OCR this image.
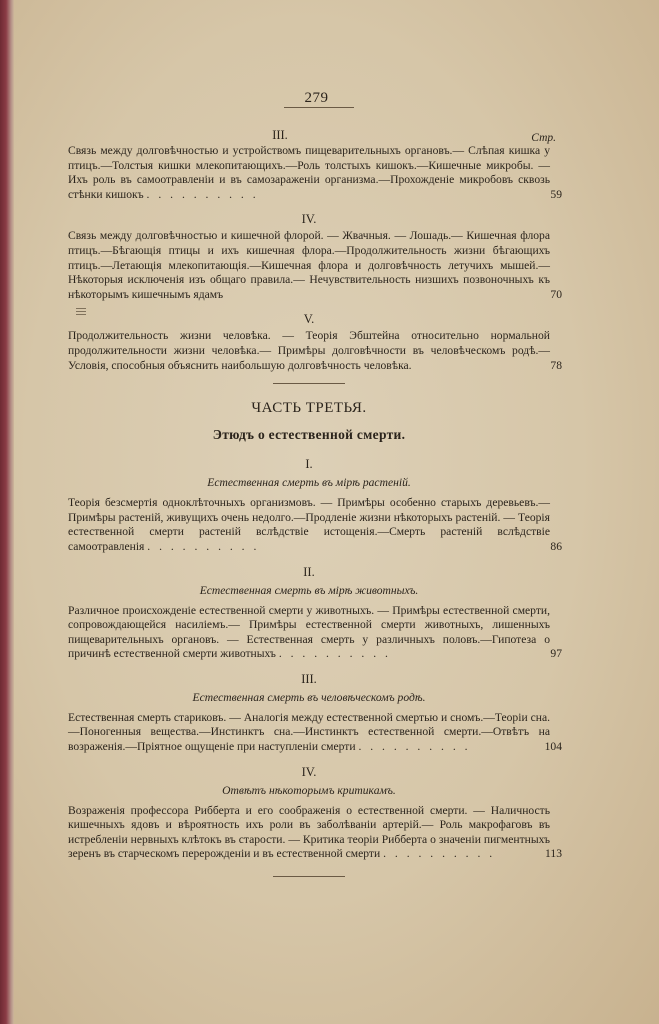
279
III.	Стр.
Связь между долговѣчностью и устройствомъ пищеварительныхъ органовъ.— Слѣпая кишка у птицъ.—Толстыя кишки млекопитающихъ.—Роль толстыхъ кишокъ.—Кишечные микробы. — Ихъ роль въ самоотравленіи и въ самозараженіи организма.—Прохожденіе микробовъ сквозь стѣнки кишокъ . . . . . . . . . .	59
IV.
Связь между долговѣчностью и кишечной флорой. — Жвачныя. — Лошадь.— Кишечная флора птицъ.—Бѣгающія птицы и ихъ кишечная флора.—Продолжительность жизни бѣгающихъ птицъ.—Летающія млекопитающія.—Кишечная флора и долговѣчность летучихъ мышей.—Нѣкоторыя исключенія изъ общаго правила.— Нечувствительность низшихъ позвоночныхъ къ нѣкоторымъ кишечнымъ ядамъ	70
V.
Продолжительность жизни человѣка. — Теорія Эбштейна относительно нормальной продолжительности жизни человѣка.— Примѣры долговѣчности въ человѣческомъ родѣ.—Условія, способныя объяснить наибольшую долговѣчность человѣка.	78
ЧАСТЬ ТРЕТЬЯ.
Этюдъ о естественной смерти.
I.
Естественная смерть въ мірѣ растеній.
Теорія безсмертія одноклѣточныхъ организмовъ. — Примѣры особенно старыхъ деревьевъ.—Примѣры растеній, живущихъ очень недолго.—Продленіе жизни нѣкоторыхъ растеній. — Теорія естественной смерти растеній вслѣдствіе истощенія.—Смерть растеній вслѣдствіе самоотравленія . . . . . . . . . .	86
II.
Естественная смерть въ мірѣ животныхъ.
Различное происхожденіе естественной смерти у животныхъ. — Примѣры естественной смерти, сопровождающейся насиліемъ.— Примѣры естественной смерти животныхъ, лишенныхъ пищеварительныхъ органовъ. — Естественная смерть у различныхъ половъ.—Гипотеза о причинѣ естественной смерти животныхъ . . . . . . . . . .	97
III.
Естественная смерть въ человѣческомъ родѣ.
Естественная смерть стариковъ. — Аналогія между естественной смертью и сномъ.—Теоріи сна.—Поногенныя вещества.—Инстинктъ сна.—Инстинктъ естественной смерти.—Отвѣтъ на возраженія.—Пріятное ощущеніе при наступленіи смерти . . . . . . . . . .	104
IV.
Отвѣтъ нѣкоторымъ критикамъ.
Возраженія профессора Рибберта и его соображенія о естественной смерти. — Наличность кишечныхъ ядовъ и вѣроятность ихъ роли въ заболѣваніи артерій.— Роль макрофаговъ въ истребленіи нервныхъ клѣтокъ въ старости. — Критика теоріи Рибберта о значеніи пигментныхъ зеренъ въ старческомъ перерожденіи и въ естественной смерти . . . . . . . . . .	113
